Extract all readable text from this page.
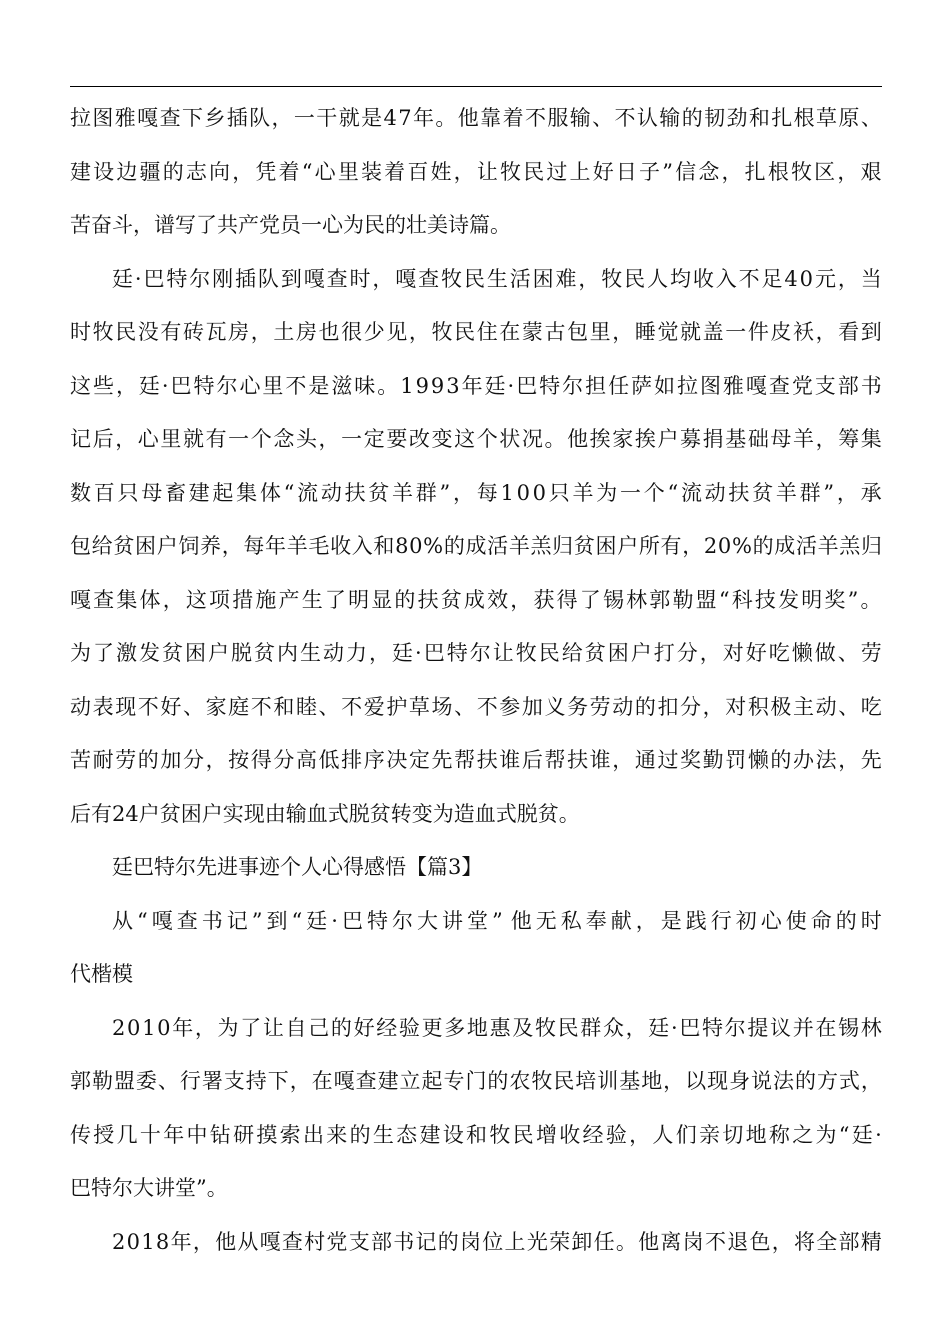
拉 图 雅 嘎 查 下 乡 插 队 ， 一 干 就 是 4 7 年 。 他 靠 着 不 服 输 、 不 认 输 的 韧 劲 和 扎 根 草 原 、
建 设 边 疆 的 志 向 ， 凭 着 “ 心 里 装 着 百 姓 ， 让 牧 民 过 上 好 日 子 ” 信 念 ， 扎 根 牧 区 ， 艰
苦奋斗，谱写了共产党员一心为民的壮美诗篇。
廷 · 巴 特 尔 刚 插 队 到 嘎 查 时 ， 嘎 查 牧 民 生 活 困 难 ， 牧 民 人 均 收 入 不 足 4 0 元 ， 当
时 牧 民 没 有 砖 瓦 房 ， 土 房 也 很 少 见 ， 牧 民 住 在 蒙 古 包 里 ， 睡 觉 就 盖 一 件 皮 袄 ， 看 到
这 些 ， 廷 · 巴 特 尔 心 里 不 是 滋 味 。 1 9 9 3 年 廷 · 巴 特 尔 担 任 萨 如 拉 图 雅 嘎 查 党 支 部 书
记 后 ， 心 里 就 有 一 个 念 头 ， 一 定 要 改 变 这 个 状 况 。 他 挨 家 挨 户 募 捐 基 础 母 羊 ， 筹 集
数 百 只 母 畜 建 起 集 体 “ 流 动 扶 贫 羊 群 ” ， 每 1 0 0 只 羊 为 一 个 “ 流 动 扶 贫 羊 群 ” ， 承
包 给 贫 困 户 饲 养 ， 每 年 羊 毛 收 入 和 8 0 % 的 成 活 羊 羔 归 贫 困 户 所 有 ， 2 0 % 的 成 活 羊 羔 归
嘎 查 集 体 ， 这 项 措 施 产 生 了 明 显 的 扶 贫 成 效 ， 获 得 了 锡 林 郭 勒 盟 “ 科 技 发 明 奖 ” 。
为 了 激 发 贫 困 户 脱 贫 内 生 动 力 ， 廷 · 巴 特 尔 让 牧 民 给 贫 困 户 打 分 ， 对 好 吃 懒 做 、 劳
动 表 现 不 好 、 家 庭 不 和 睦 、 不 爱 护 草 场 、 不 参 加 义 务 劳 动 的 扣 分 ， 对 积 极 主 动 、 吃
苦 耐 劳 的 加 分 ， 按 得 分 高 低 排 序 决 定 先 帮 扶 谁 后 帮 扶 谁 ， 通 过 奖 勤 罚 懒 的 办 法 ， 先
后有24户贫困户实现由输血式脱贫转变为造血式脱贫。
廷巴特尔先进事迹个人心得感悟【篇3】
从 “ 嘎 查 书 记 ” 到 “ 廷 · 巴 特 尔 大 讲 堂 ” 他 无 私 奉 献 ， 是 践 行 初 心 使 命 的 时
代楷模
2 0 1 0 年 ， 为 了 让 自 己 的 好 经 验 更 多 地 惠 及 牧 民 群 众 ， 廷 · 巴 特 尔 提 议 并 在 锡 林
郭 勒 盟 委 、 行 署 支 持 下 ， 在 嘎 查 建 立 起 专 门 的 农 牧 民 培 训 基 地 ， 以 现 身 说 法 的 方 式 ，
传 授 几 十 年 中 钻 研 摸 索 出 来 的 生 态 建 设 和 牧 民 增 收 经 验 ， 人 们 亲 切 地 称 之 为 “ 廷 ·
巴特尔大讲堂”。
2 0 1 8 年 ， 他 从 嘎 查 村 党 支 部 书 记 的 岗 位 上 光 荣 卸 任 。 他 离 岗 不 退 色 ， 将 全 部 精
